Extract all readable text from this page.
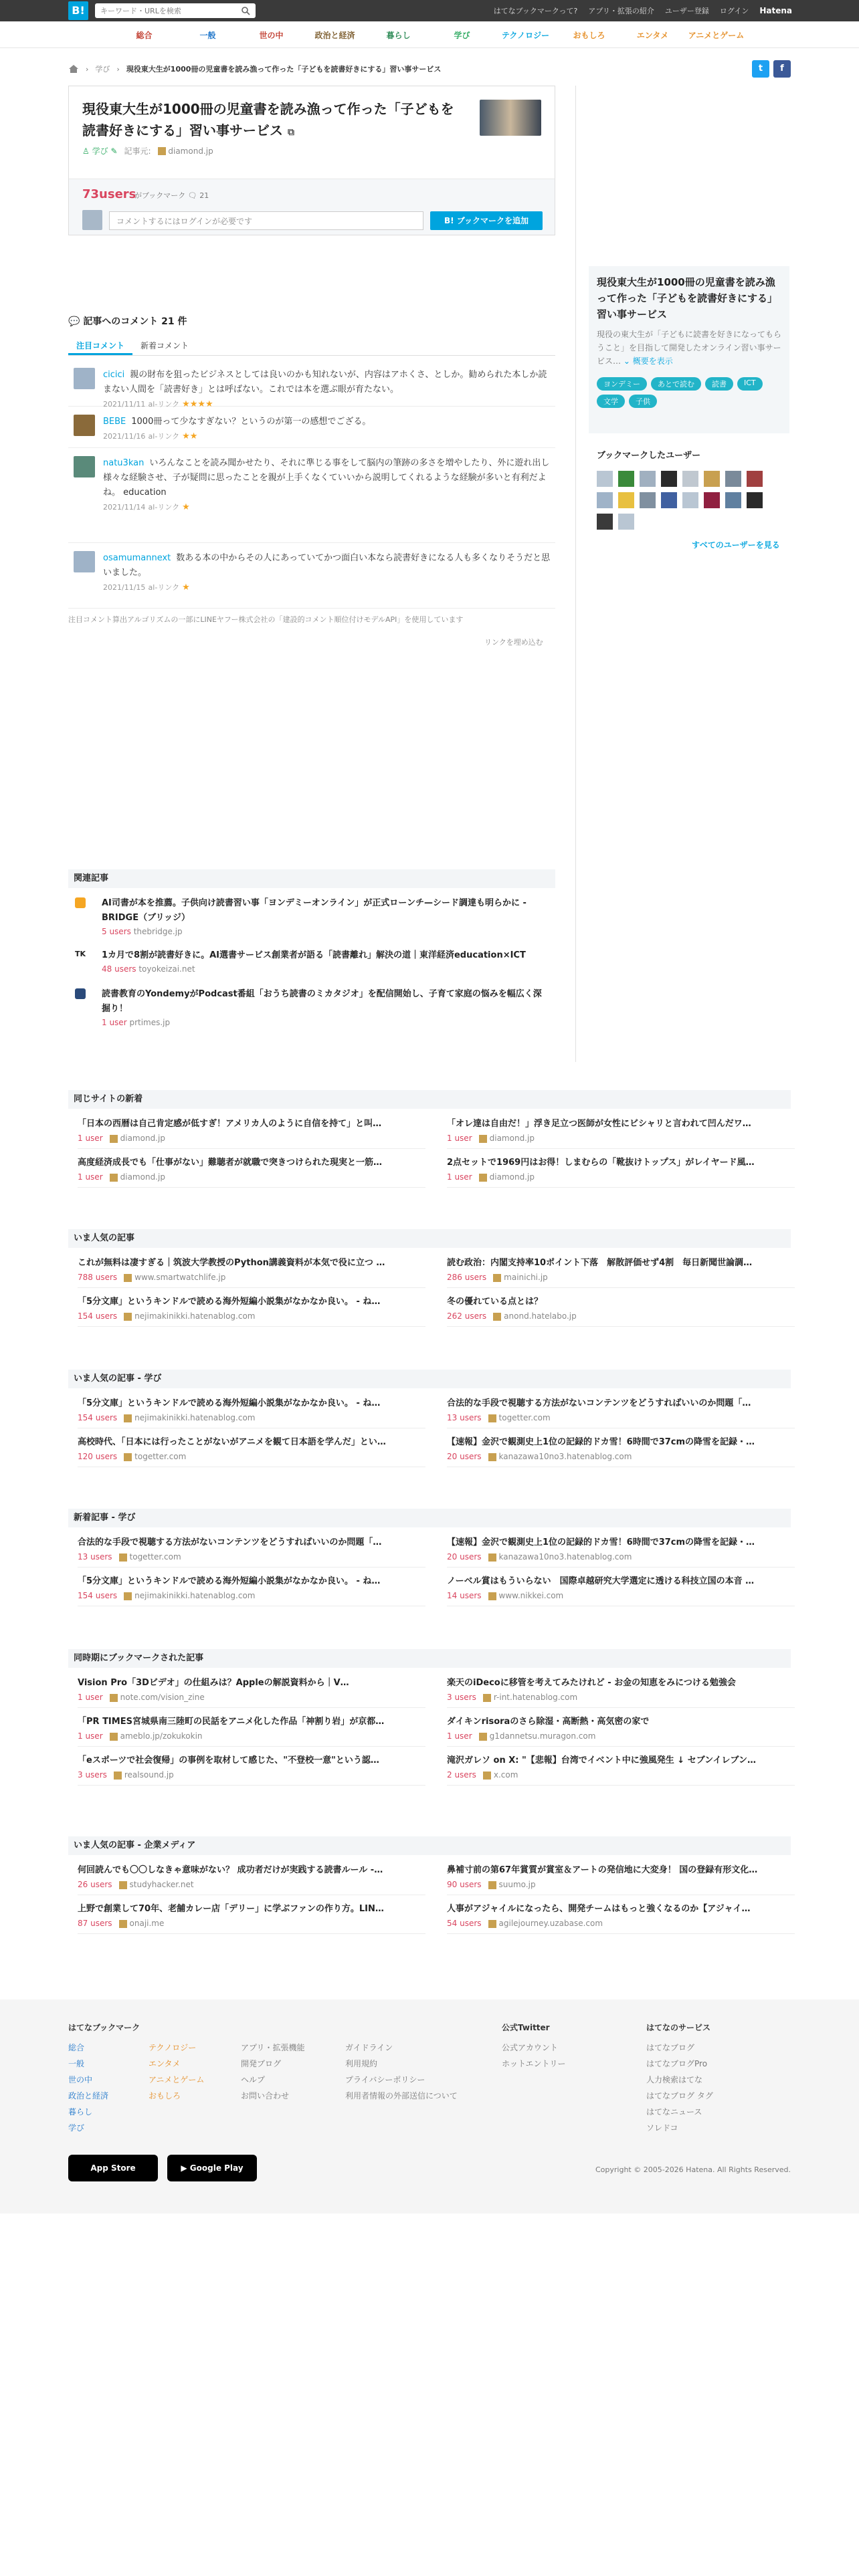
B!
キーワード・URLを検索	はてなブックマークって? アプリ・拡張の紹介 ユーザー登録 ログイン Hatena
総合	一般	世の中	政治と経済	暮らし	学び	テクノロジー	おもしろ	エンタメ	アニメとゲーム
› 学び › 現役東大生が1000冊の児童書を読み漁って作った「子どもを読書好きにする」習い事サービス	t	f
現役東大生が1000冊の児童書を読み漁って作った「子どもを読書好きにする」習い事サービス ⧉
♙ 学び ✎ 記事元:	diamond.jp
73users
がブックマーク 🗨 21
コメントするにはログインが必要です	B! ブックマークを追加
💬 記事へのコメント 21 件
注目コメント	新着コメント
cicici 親の財布を狙ったビジネスとしては良いのかも知れないが、内容はアホくさ、としか。勧められた本しか読まない人間を「読書好き」とは呼ばない。これでは本を選ぶ眼が育たない。
2021/11/11 al-リンク ★★★★
BEBE 1000冊って少なすぎない？というのが第一の感想でござる。
2021/11/16 al-リンク ★★
natu3kan いろんなことを読み聞かせたり、それに準じる事をして脳内の筆跡の多さを増やしたり、外に遊れ出し様々な経験させ、子が疑問に思ったことを親が上手くなくていいから説明してくれるような経験が多いと有利だよね。 education
2021/11/14 al-リンク ★
osamumannext 数ある本の中からその人にあっていてかつ面白い本なら読書好きになる人も多くなりそうだと思いました。
2021/11/15 al-リンク ★
注目コメント算出アルゴリズムの一部にLINEヤフー株式会社の「建設的コメント順位付けモデルAPI」を使用しています
リンクを埋め込む
現役東大生が1000冊の児童書を読み漁って作った「子どもを読書好きにする」習い事サービス
現役の東大生が「子どもに読書を好きになってもらうこと」を目指して開発したオンライン習い事サービス… ⌄ 概要を表示
ヨンデミー	あとで読む	読書	ICT
文学	子供
ブックマークしたユーザー
すべてのユーザーを見る
関連記事
AI司書が本を推薦。子供向け読書習い事「ヨンデミーオンライン」が正式ローンチ—シード調達も明らかに - BRIDGE（ブリッジ）
5 users thebridge.jp
TK 1カ月で8割が読書好きに。AI選書サービス創業者が語る「読書離れ」解決の道｜東洋経済education×ICT
48 users toyokeizai.net
読書教育のYondemyがPodcast番組「おうち読書のミカタジオ」を配信開始し、子育て家庭の悩みを幅広く深掘り！
1 user prtimes.jp
同じサイトの新着
「日本の西暦は自己肯定感が低すぎ！アメリカ人のように自信を持て」と叫…
1 user diamond.jp
「オレ達は自由だ！」浮き足立つ医師が女性にビシャリと言われて凹んだワ…
1 user diamond.jp
高度経済成長でも「仕事がない」難聴者が就職で突きつけられた現実と一筋…
1 user diamond.jp
2点セットで1969円はお得！しまむらの「靴抜けトップス」がレイヤード風…
1 user diamond.jp
いま人気の記事
これが無料は凄すぎる｜筑波大学教授のPython講義資料が本気で役に立つ …
788 users www.smartwatchlife.jp
読む政治：内閣支持率10ポイント下落　解散評価せず4割　毎日新聞世論調…
286 users mainichi.jp
「5分文庫」というキンドルで読める海外短編小説集がなかなか良い。 - ね…
154 users nejimakinikki.hatenablog.com
冬の優れている点とは？
262 users anond.hatelabo.jp
いま人気の記事 - 学び
「5分文庫」というキンドルで読める海外短編小説集がなかなか良い。 - ね…
154 users nejimakinikki.hatenablog.com
合法的な手段で視聴する方法がないコンテンツをどうすればいいのか問題「…
13 users togetter.com
高校時代、「日本には行ったことがないがアニメを観て日本語を学んだ」とい…
120 users togetter.com
【速報】金沢で観測史上1位の記録的ドカ雪！6時間で37cmの降雪を記録・…
20 users kanazawa10no3.hatenablog.com
新着記事 - 学び
合法的な手段で視聴する方法がないコンテンツをどうすればいいのか問題「…
13 users togetter.com
【速報】金沢で観測史上1位の記録的ドカ雪！6時間で37cmの降雪を記録・…
20 users kanazawa10no3.hatenablog.com
「5分文庫」というキンドルで読める海外短編小説集がなかなか良い。 - ね…
154 users nejimakinikki.hatenablog.com
ノーベル賞はもういらない　国際卓越研究大学選定に透ける科技立国の本音 …
14 users www.nikkei.com
同時期にブックマークされた記事
Vision Pro「3Dビデオ」の仕組みは？Appleの解説資料から｜V…
1 user note.com/vision_zine
楽天のiDecoに移管を考えてみたけれど - お金の知恵をみにつける勉強会
3 users r-int.hatenablog.com
「PR TIMES宮城県南三陸町の民話をアニメ化した作品「神割り岩」が京都…
1 user ameblo.jp/zokukokin
ダイキンrisoraのさら除湿・高断熱・高気密の家で
1 user g1dannetsu.muragon.com
「eスポーツで社会復帰」の事例を取材して感じた、"不登校一意"という認…
3 users realsound.jp
滝沢ガレソ on X: "【悲報】台湾でイベント中に強風発生 ↓ セブンイレブン…
2 users x.com
いま人気の記事 - 企業メディア
何回読んでも〇〇しなきゃ意味がない？ 成功者だけが実践する読書ルール -…
26 users studyhacker.net
鼻補寸前の第67年賞質が賞室＆アートの発信地に大変身！ 国の登録有形文化…
90 users suumo.jp
上野で創業して70年、老舗カレー店「デリー」に学ぶファンの作り方。LIN…
87 users onaji.me
人事がアジャイルになったら、開発チームはもっと強くなるのか【アジャイ…
54 users agilejourney.uzabase.com
はてなブックマーク
総合
一般
世の中
政治と経済
暮らし
学び
テクノロジー
エンタメ
アニメとゲーム
おもしろ
アプリ・拡張機能
開発ブログ
ヘルプ
お問い合わせ
ガイドライン
利用規約
プライバシーポリシー
利用者情報の外部送信について
公式Twitter
公式アカウント
ホットエントリー
はてなのサービス
はてなブログ
はてなブログPro
人力検索はてな
はてなブログ タグ
はてなニュース
ソレドコ
App Store	▶ Google Play	Copyright © 2005-2026 Hatena. All Rights Reserved.
